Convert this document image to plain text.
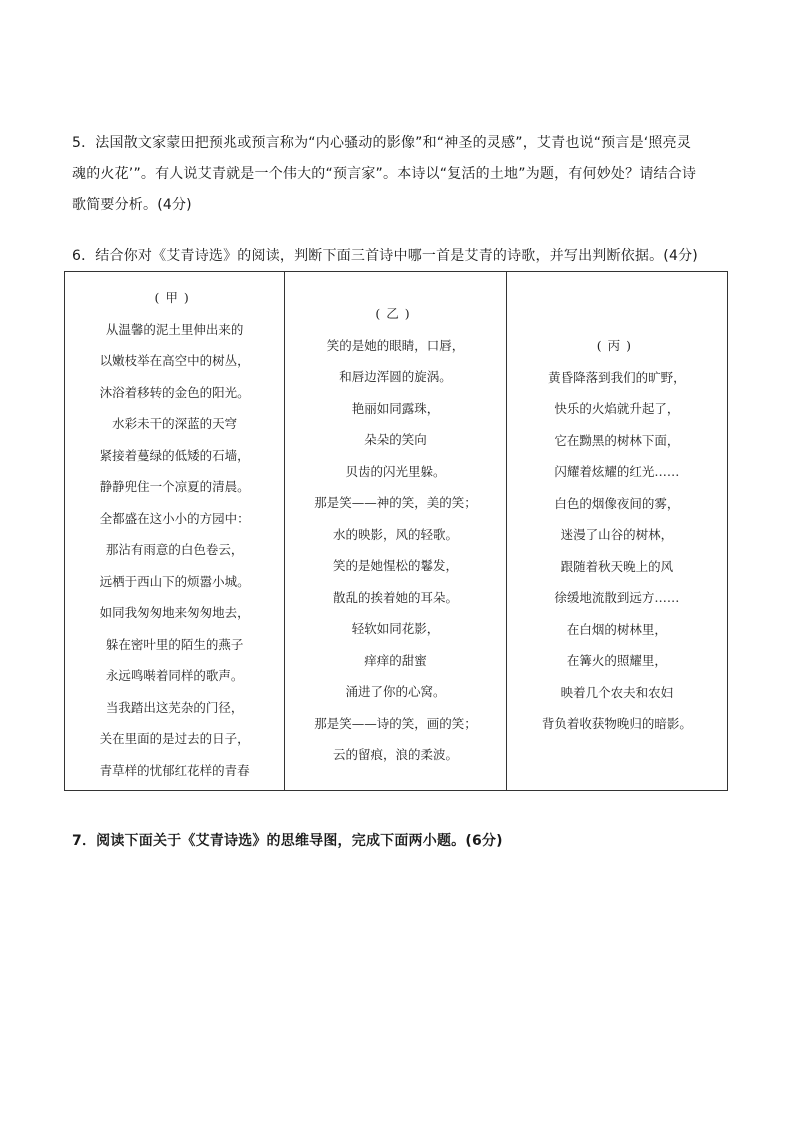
5．法国散文家蒙田把预兆或预言称为“内心骚动的影像”和“神圣的灵感”，艾青也说“预言是‘照亮灵
魂的火花’”。有人说艾青就是一个伟大的“预言家”。本诗以“复活的土地”为题，有何妙处？请结合诗
歌简要分析。(4分)
6．结合你对《艾青诗选》的阅读，判断下面三首诗中哪一首是艾青的诗歌，并写出判断依据。(4分)
(甲)
从温馨的泥土里伸出来的
以嫩枝举在高空中的树丛，
沐浴着移转的金色的阳光。
水彩未干的深蓝的天穹
紧接着蔓绿的低矮的石墙，
静静兜住一个凉夏的清晨。
全都盛在这小小的方园中：
那沾有雨意的白色卷云，
远栖于西山下的烦嚣小城。
如同我匆匆地来匆匆地去，
躲在密叶里的陌生的燕子
永远鸣啭着同样的歌声。
当我踏出这芜杂的门径，
关在里面的是过去的日子，
青草样的忧郁红花样的青春
(乙)
笑的是她的眼睛，口唇，
和唇边浑圆的旋涡。
艳丽如同露珠，
朵朵的笑向
贝齿的闪光里躲。
那是笑——神的笑，美的笑；
水的映影，风的轻歌。
笑的是她惺松的鬈发，
散乱的挨着她的耳朵。
轻软如同花影，
痒痒的甜蜜
涌进了你的心窝。
那是笑——诗的笑，画的笑；
云的留痕，浪的柔波。
(丙)
黄昏降落到我们的旷野，
快乐的火焰就升起了，
它在黝黑的树林下面，
闪耀着炫耀的红光……
白色的烟像夜间的雾，
迷漫了山谷的树林，
跟随着秋天晚上的风
徐缓地流散到远方……
在白烟的树林里，
在篝火的照耀里，
映着几个农夫和农妇
背负着收获物晚归的暗影。
7．阅读下面关于《艾青诗选》的思维导图，完成下面两小题。(6分)
